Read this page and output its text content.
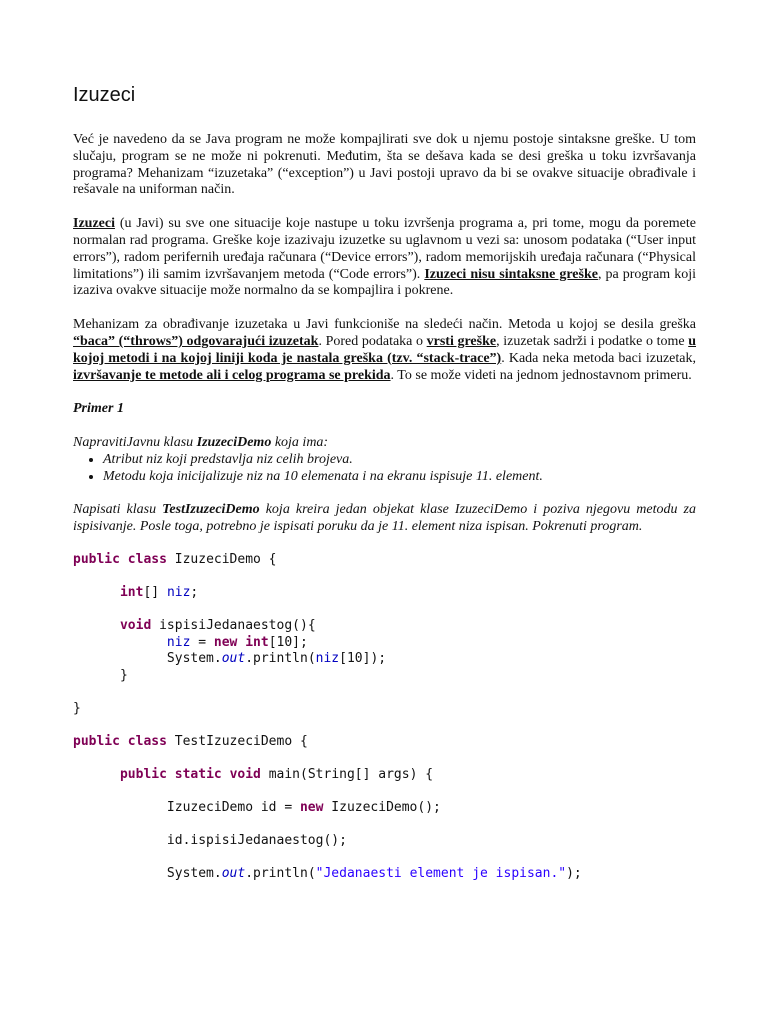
Izuzeci

Već je navedeno da se Java program ne može kompajlirati sve dok u njemu postoje sintaksne greške. U tom slučaju, program se ne može ni pokrenuti. Međutim, šta se dešava kada se desi greška u toku izvršavanja programa? Mehanizam “izuzetaka” (“exception”) u Javi postoji upravo da bi se ovakve situacije obrađivale i rešavale na uniforman način.

Izuzeci (u Javi) su sve one situacije koje nastupe u toku izvršenja programa a, pri tome, mogu da poremete normalan rad programa. Greške koje izazivaju izuzetke su uglavnom u vezi sa: unosom podataka (“User input errors”), radom perifernih uređaja računara (“Device errors”), radom memorijskih uređaja računara (“Physical limitations”) ili samim izvršavanjem metoda (“Code errors”). Izuzeci nisu sintaksne greške, pa program koji izaziva ovakve situacije može normalno da se kompajlira i pokrene.

Mehanizam za obrađivanje izuzetaka u Javi funkcioniše na sledeći način. Metoda u kojoj se desila greška “baca” (“throws”) odgovarajući izuzetak. Pored podataka o vrsti greške, izuzetak sadrži i podatke o tome u kojoj metodi i na kojoj liniji koda je nastala greška (tzv. “stack-trace”). Kada neka metoda baci izuzetak, izvršavanje te metode ali i celog programa se prekida. To se može videti na jednom jednostavnom primeru.

Primer 1

NapravitiJavnu klasu IzuzeciDemo koja ima:

• Atribut niz koji predstavlja niz celih brojeva.
• Metodu koja inicijalizuje niz na 10 elemenata i na ekranu ispisuje 11. element.

Napisati klasu TestIzuzeciDemo koja kreira jedan objekat klase IzuzeciDemo i poziva njegovu metodu za ispisivanje. Posle toga, potrebno je ispisati poruku da je 11. element niza ispisan. Pokrenuti program.

public class IzuzeciDemo {

int[] niz;

void ispisiJedanaestog(){
niz = new int[10];
System.out.println(niz[10]);
}

}

public class TestIzuzeciDemo {

public static void main(String[] args) {

IzuzeciDemo id = new IzuzeciDemo();

id.ispisiJedanaestog();

System.out.println("Jedanaesti element je ispisan.");
